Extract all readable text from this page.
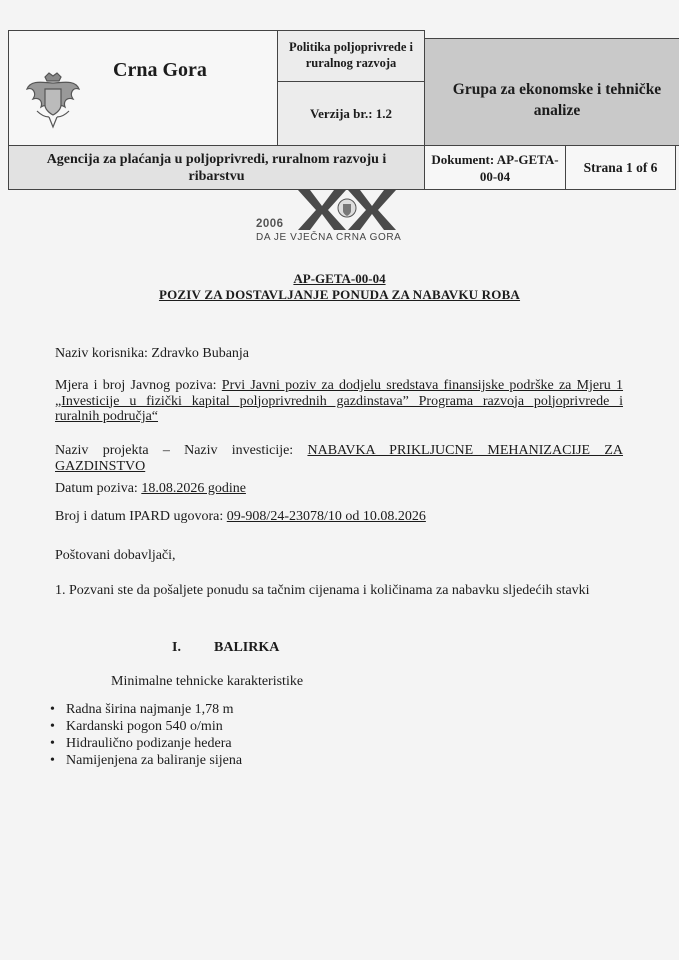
Crna Gora
Politika poljoprivrede i ruralnog razvoja
Verzija br.: 1.2
Grupa za ekonomske i tehničke analize
Agencija za plaćanja u poljoprivredi, ruralnom razvoju i ribarstvu
Dokument: AP-GETA-00-04
Strana 1 of 6
2006
DA JE VJEČNA CRNA GORA
AP-GETA-00-04
POZIV ZA DOSTAVLJANJE PONUDA ZA NABAVKU ROBA
Naziv korisnika: Zdravko Bubanja
Mjera i broj Javnog poziva: Prvi Javni poziv za dodjelu sredstava finansijske podrške za Mjeru 1
„Investicije u fizički kapital poljoprivrednih gazdinstava” Programa razvoja poljoprivrede i
ruralnih područja“
Naziv projekta – Naziv investicije: NABAVKA PRIKLJUCNE MEHANIZACIJE ZA
GAZDINSTVO
Datum poziva: 18.08.2026 godine
Broj i datum IPARD ugovora: 09-908/24-23078/10 od 10.08.2026
Poštovani dobavljači,
1. Pozvani ste da pošaljete ponudu sa tačnim cijenama i količinama za nabavku sljedećih stavki
I. BALIRKA
Minimalne tehnicke karakteristike
• Radna širina najmanje 1,78 m
• Kardanski pogon 540 o/min
• Hidraulično podizanje hedera
• Namijenjena za baliranje sijena
